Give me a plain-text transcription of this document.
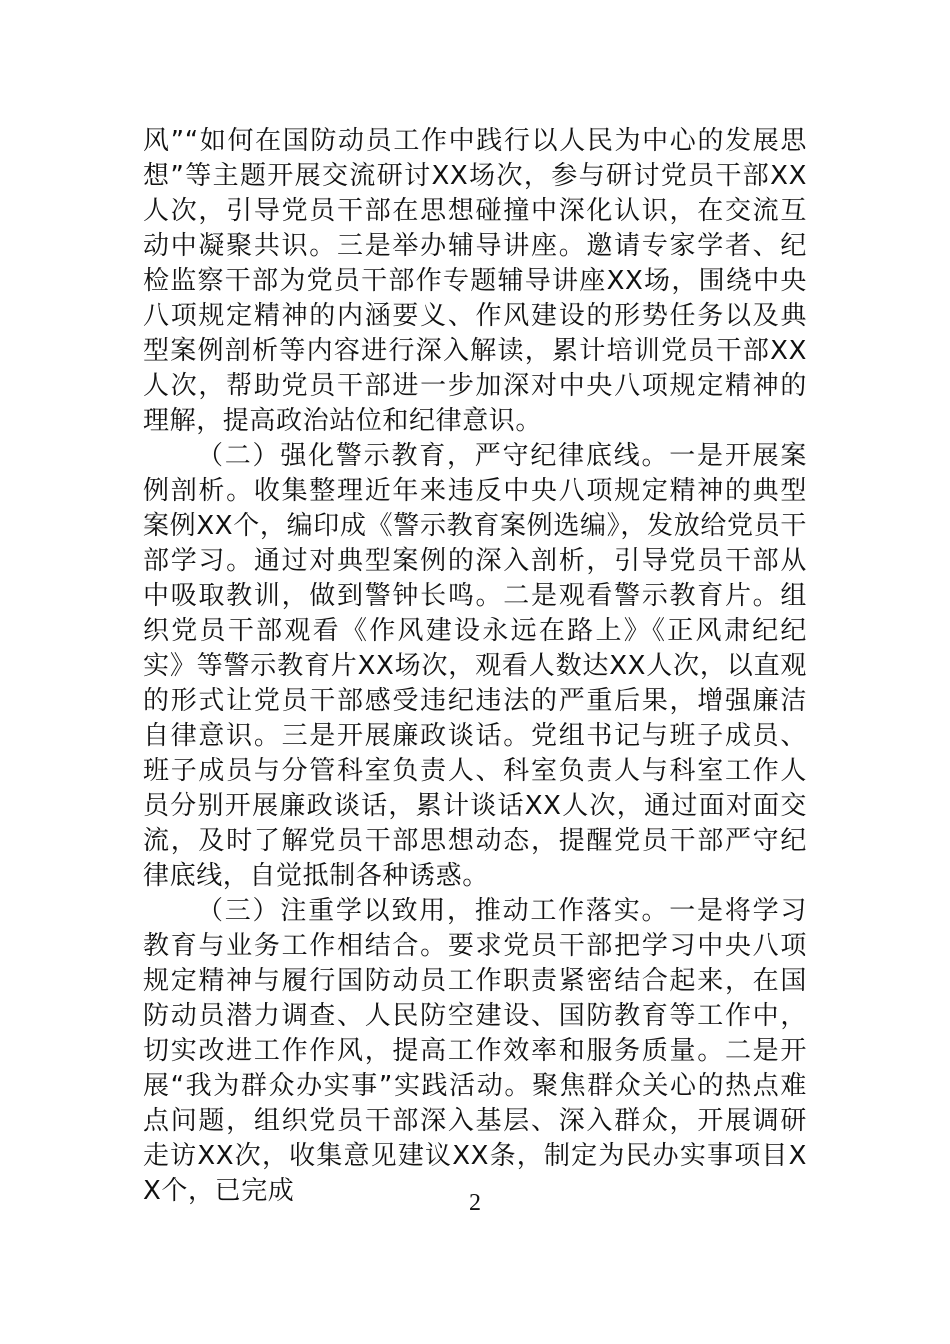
风”“如何在国防动员工作中践行以人民为中心的发展思想”等主题开展交流研讨XX场次，参与研讨党员干部XX人次，引导党员干部在思想碰撞中深化认识，在交流互动中凝聚共识。三是举办辅导讲座。邀请专家学者、纪检监察干部为党员干部作专题辅导讲座XX场，围绕中央八项规定精神的内涵要义、作风建设的形势任务以及典型案例剖析等内容进行深入解读，累计培训党员干部XX人次，帮助党员干部进一步加深对中央八项规定精神的理解，提高政治站位和纪律意识。

（二）强化警示教育，严守纪律底线。一是开展案例剖析。收集整理近年来违反中央八项规定精神的典型案例XX个，编印成《警示教育案例选编》，发放给党员干部学习。通过对典型案例的深入剖析，引导党员干部从中吸取教训，做到警钟长鸣。二是观看警示教育片。组织党员干部观看《作风建设永远在路上》《正风肃纪纪实》等警示教育片XX场次，观看人数达XX人次，以直观的形式让党员干部感受违纪违法的严重后果，增强廉洁自律意识。三是开展廉政谈话。党组书记与班子成员、班子成员与分管科室负责人、科室负责人与科室工作人员分别开展廉政谈话，累计谈话XX人次，通过面对面交流，及时了解党员干部思想动态，提醒党员干部严守纪律底线，自觉抵制各种诱惑。

（三）注重学以致用，推动工作落实。一是将学习教育与业务工作相结合。要求党员干部把学习中央八项规定精神与履行国防动员工作职责紧密结合起来，在国防动员潜力调查、人民防空建设、国防教育等工作中，切实改进工作作风，提高工作效率和服务质量。二是开展“我为群众办实事”实践活动。聚焦群众关心的热点难点问题，组织党员干部深入基层、深入群众，开展调研走访XX次，收集意见建议XX条，制定为民办实事项目XX个，已完成	2
